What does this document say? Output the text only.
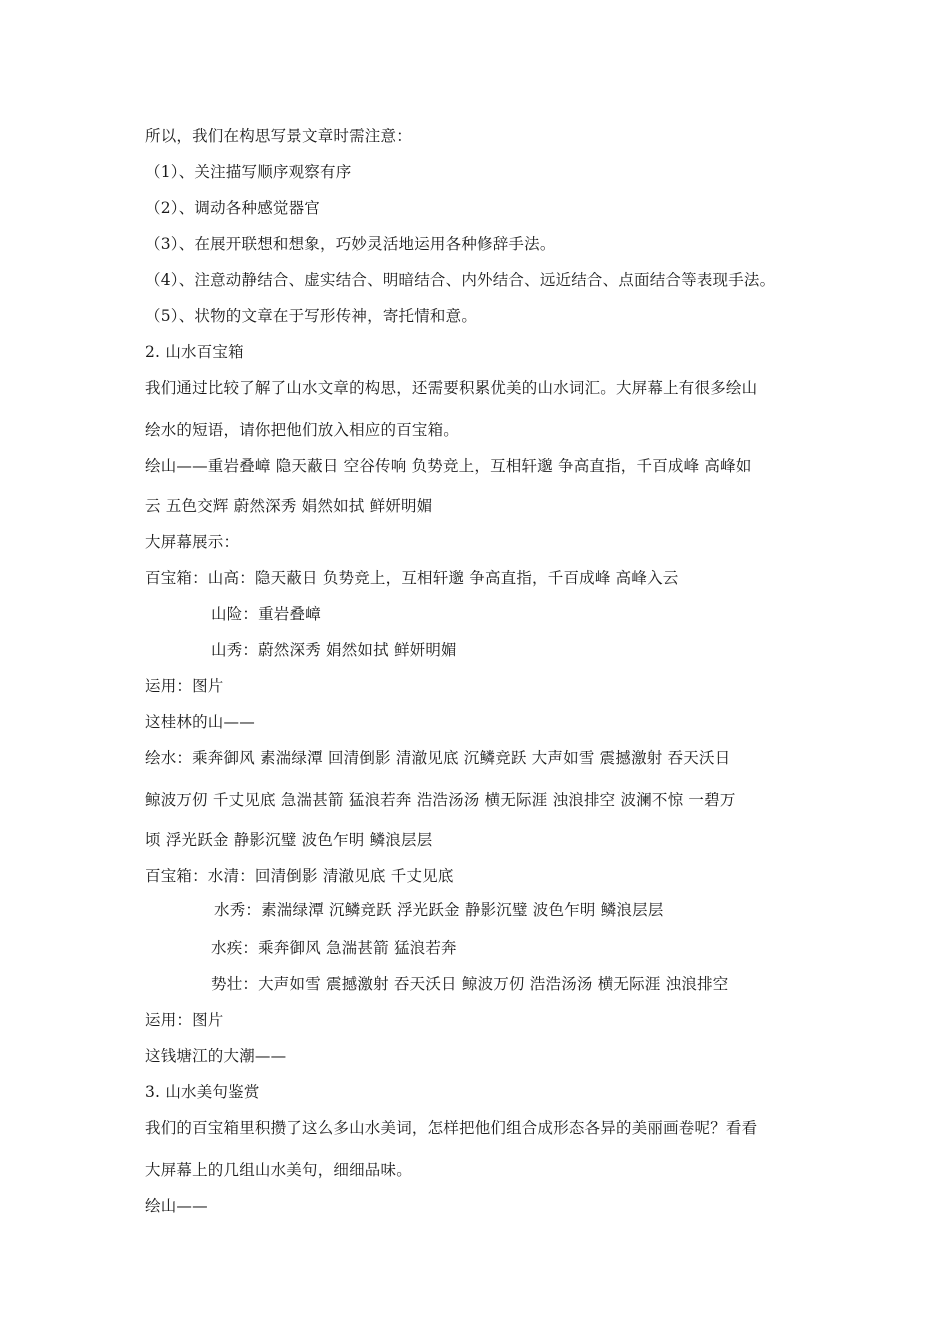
所以，我们在构思写景文章时需注意：
（1）、关注描写顺序观察有序
（2）、调动各种感觉器官
（3）、在展开联想和想象，巧妙灵活地运用各种修辞手法。
（4）、注意动静结合、虚实结合、明暗结合、内外结合、远近结合、点面结合等表现手法。
（5）、状物的文章在于写形传神，寄托情和意。
2. 山水百宝箱
我们通过比较了解了山水文章的构思，还需要积累优美的山水词汇。大屏幕上有很多绘山
绘水的短语，请你把他们放入相应的百宝箱。
绘山——重岩叠嶂 隐天蔽日 空谷传响 负势竞上，互相轩邈 争高直指，千百成峰 高峰如
云 五色交辉 蔚然深秀 娟然如拭 鲜妍明媚
大屏幕展示：
百宝箱：山高：隐天蔽日 负势竞上，互相轩邈 争高直指，千百成峰 高峰入云
山险：重岩叠嶂
山秀：蔚然深秀 娟然如拭 鲜妍明媚
运用：图片
这桂林的山——
绘水：乘奔御风 素湍绿潭 回清倒影 清澈见底 沉鳞竞跃 大声如雪 震撼激射 吞天沃日
鲸波万仞 千丈见底 急湍甚箭 猛浪若奔 浩浩汤汤 横无际涯 浊浪排空 波澜不惊 一碧万
顷 浮光跃金 静影沉璧 波色乍明 鳞浪层层
百宝箱：水清：回清倒影 清澈见底 千丈见底
水秀：素湍绿潭 沉鳞竞跃 浮光跃金 静影沉璧 波色乍明 鳞浪层层
水疾：乘奔御风 急湍甚箭 猛浪若奔
势壮：大声如雪 震撼激射 吞天沃日 鲸波万仞 浩浩汤汤 横无际涯 浊浪排空
运用：图片
这钱塘江的大潮——
3. 山水美句鉴赏
我们的百宝箱里积攒了这么多山水美词，怎样把他们组合成形态各异的美丽画卷呢？看看
大屏幕上的几组山水美句，细细品味。
绘山——
